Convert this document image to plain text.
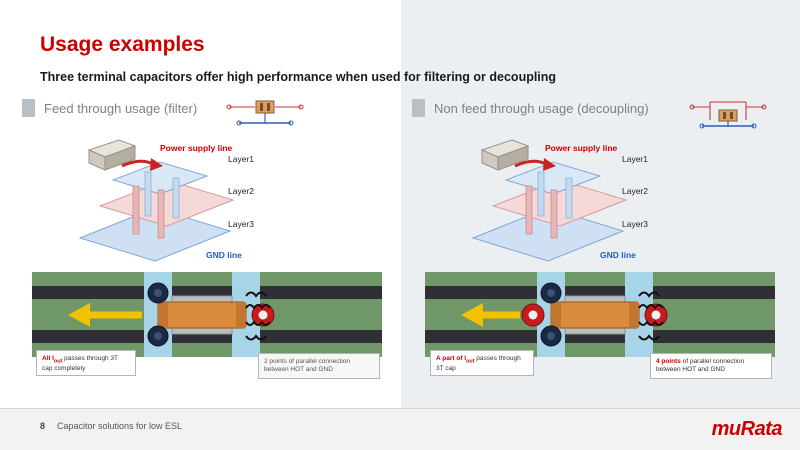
Usage examples
Three terminal capacitors offer high performance when used for filtering or decoupling
Feed through usage (filter)	Non feed through usage (decoupling)
Power supply line
Layer1
Layer2
Layer3
GND line
Power supply line
Layer1
Layer2
Layer3
GND line
All $I_{out}$ passes through 3T cap completely
2 points of parallel connection between HOT and GND
A part of $I_{out}$ passes through 3T cap
4 points of parallel connection between HOT and GND
8 Capacitor solutions for low ESL	muRata
